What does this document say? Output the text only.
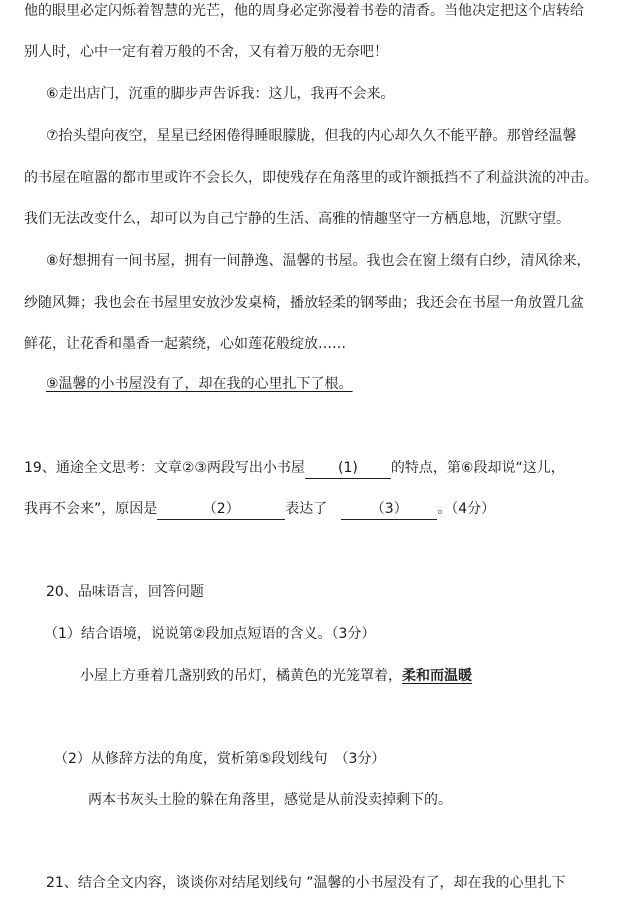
他的眼里必定闪烁着智慧的光芒，他的周身必定弥漫着书卷的清香。当他决定把这个店转给
别人时，心中一定有着万般的不舍，又有着万般的无奈吧！
⑥走出店门，沉重的脚步声告诉我：这儿，我再不会来。
⑦抬头望向夜空，星星已经困倦得睡眼朦胧，但我的内心却久久不能平静。那曾经温馨
的书屋在喧嚣的都市里或许不会长久，即使残存在角落里的或许额抵挡不了利益洪流的冲击。
我们无法改变什么，却可以为自己宁静的生活、高雅的情趣坚守一方栖息地，沉默守望。
⑧好想拥有一间书屋，拥有一间静逸、温馨的书屋。我也会在窗上缀有白纱，清风徐来，
纱随风舞；我也会在书屋里安放沙发桌椅，播放轻柔的钢琴曲；我还会在书屋一角放置几盆
鲜花，让花香和墨香一起萦绕，心如莲花般绽放……
⑨温馨的小书屋没有了，却在我的心里扎下了根。
19、通途全文思考：文章②③两段写出小书屋 (1) 的特点，第⑥段却说“这儿，
我再不会来”，原因是	（2）	表达了	（3） 。（4分）
20、品味语言，回答问题
（1）结合语境，说说第②段加点短语的含义。（3分）
小屋上方垂着几盏别致的吊灯，橘黄色的光笼罩着，柔和而温暖
（2）从修辞方法的角度，赏析第⑤段划线句　（3分）
两本书灰头土脸的躲在角落里，感觉是从前没卖掉剩下的。
21、结合全文内容，谈谈你对结尾划线句 ”温馨的小书屋没有了，却在我的心里扎下
